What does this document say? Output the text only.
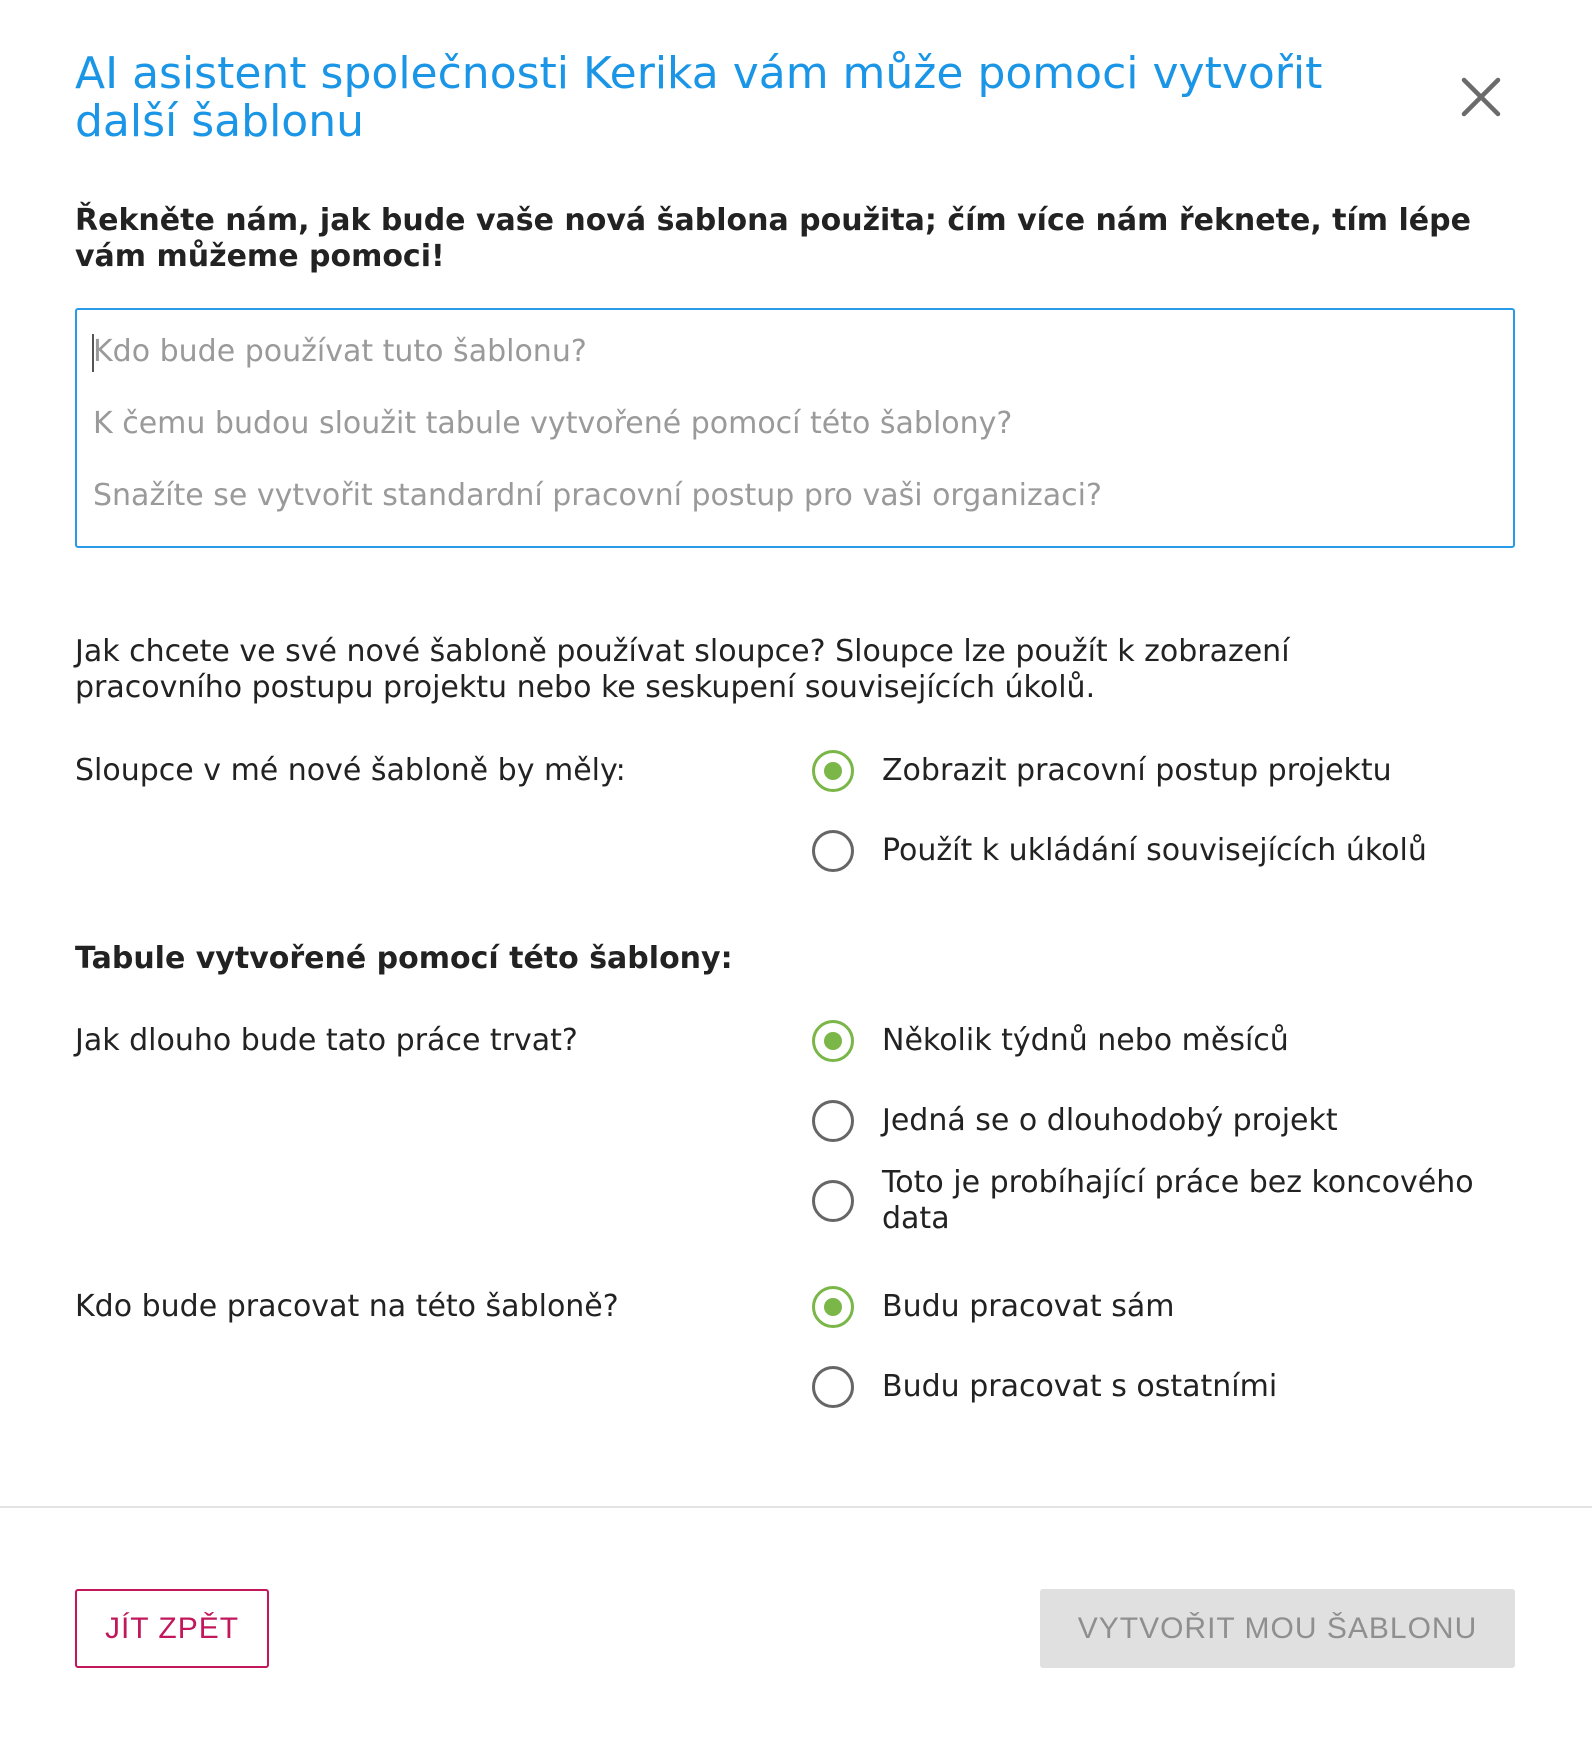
AI asistent společnosti Kerika vám může pomoci vytvořit další šablonu

Řekněte nám, jak bude vaše nová šablona použita; čím více nám řeknete, tím lépe vám můžeme pomoci!

Kdo bude používat tuto šablonu?
K čemu budou sloužit tabule vytvořené pomocí této šablony?
Snažíte se vytvořit standardní pracovní postup pro vaši organizaci?

Jak chcete ve své nové šabloně používat sloupce? Sloupce lze použít k zobrazení pracovního postupu projektu nebo ke seskupení souvisejících úkolů.

Sloupce v mé nové šabloně by měly:	Zobrazit pracovní postup projektu
Použít k ukládání souvisejících úkolů
Tabule vytvořené pomocí této šablony:
Jak dlouho bude tato práce trvat?	Několik týdnů nebo měsíců
Jedná se o dlouhodobý projekt
Toto je probíhající práce bez koncového data
Kdo bude pracovat na této šabloně?	Budu pracovat sám
Budu pracovat s ostatními
JÍT ZPĚT	VYTVOŘIT MOU ŠABLONU
